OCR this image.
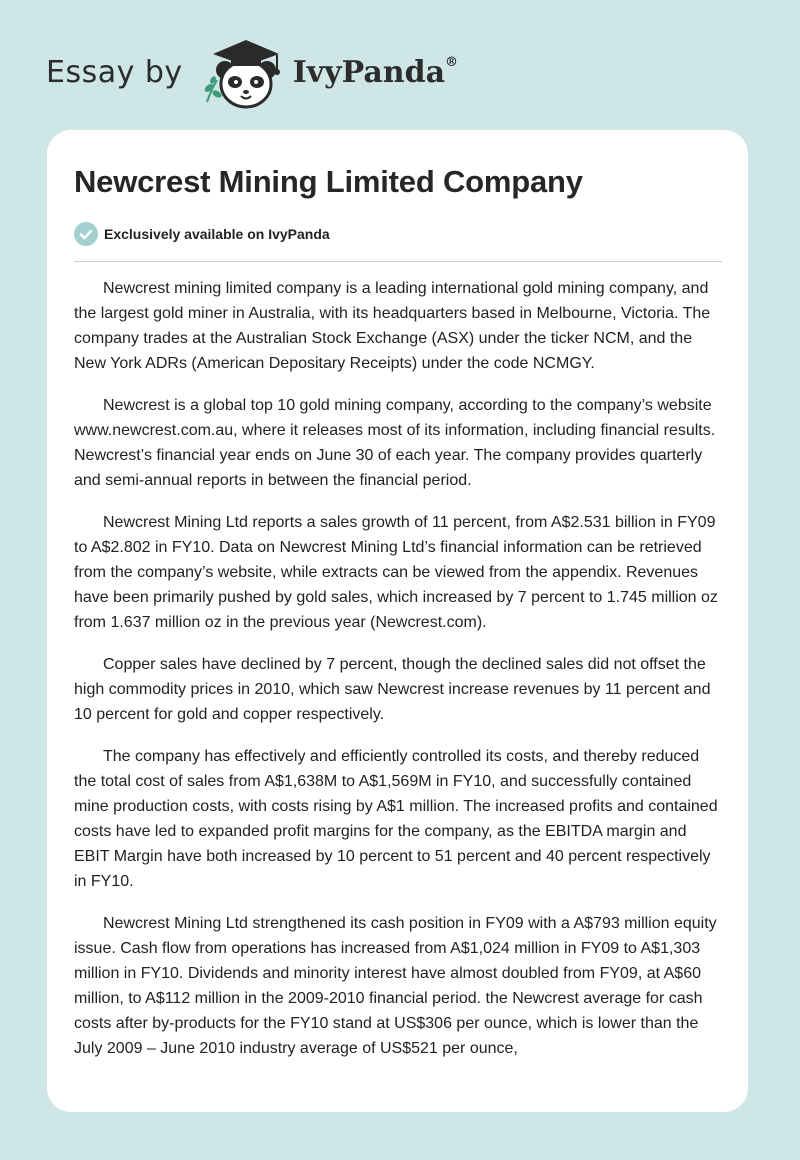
Essay by	IvyPanda®
Newcrest Mining Limited Company
Exclusively available on IvyPanda

Newcrest mining limited company is a leading international gold mining company, and the largest gold miner in Australia, with its headquarters based in Melbourne, Victoria. The company trades at the Australian Stock Exchange (ASX) under the ticker NCM, and the New York ADRs (American Depositary Receipts) under the code NCMGY.

Newcrest is a global top 10 gold mining company, according to the company’s website www.newcrest.com.au, where it releases most of its information, including financial results. Newcrest’s financial year ends on June 30 of each year. The company provides quarterly and semi-annual reports in between the financial period.

Newcrest Mining Ltd reports a sales growth of 11 percent, from A$2.531 billion in FY09 to A$2.802 in FY10. Data on Newcrest Mining Ltd’s financial information can be retrieved from the company’s website, while extracts can be viewed from the appendix. Revenues have been primarily pushed by gold sales, which increased by 7 percent to 1.745 million oz from 1.637 million oz in the previous year (Newcrest.com).

Copper sales have declined by 7 percent, though the declined sales did not offset the high commodity prices in 2010, which saw Newcrest increase revenues by 11 percent and 10 percent for gold and copper respectively.

The company has effectively and efficiently controlled its costs, and thereby reduced the total cost of sales from A$1,638M to A$1,569M in FY10, and successfully contained mine production costs, with costs rising by A$1 million. The increased profits and contained costs have led to expanded profit margins for the company, as the EBITDA margin and EBIT Margin have both increased by 10 percent to 51 percent and 40 percent respectively in FY10.

Newcrest Mining Ltd strengthened its cash position in FY09 with a A$793 million equity issue. Cash flow from operations has increased from A$1,024 million in FY09 to A$1,303 million in FY10. Dividends and minority interest have almost doubled from FY09, at A$60 million, to A$112 million in the 2009-2010 financial period. the Newcrest average for cash costs after by-products for the FY10 stand at US$306 per ounce, which is lower than the July 2009 – June 2010 industry average of US$521 per ounce,
